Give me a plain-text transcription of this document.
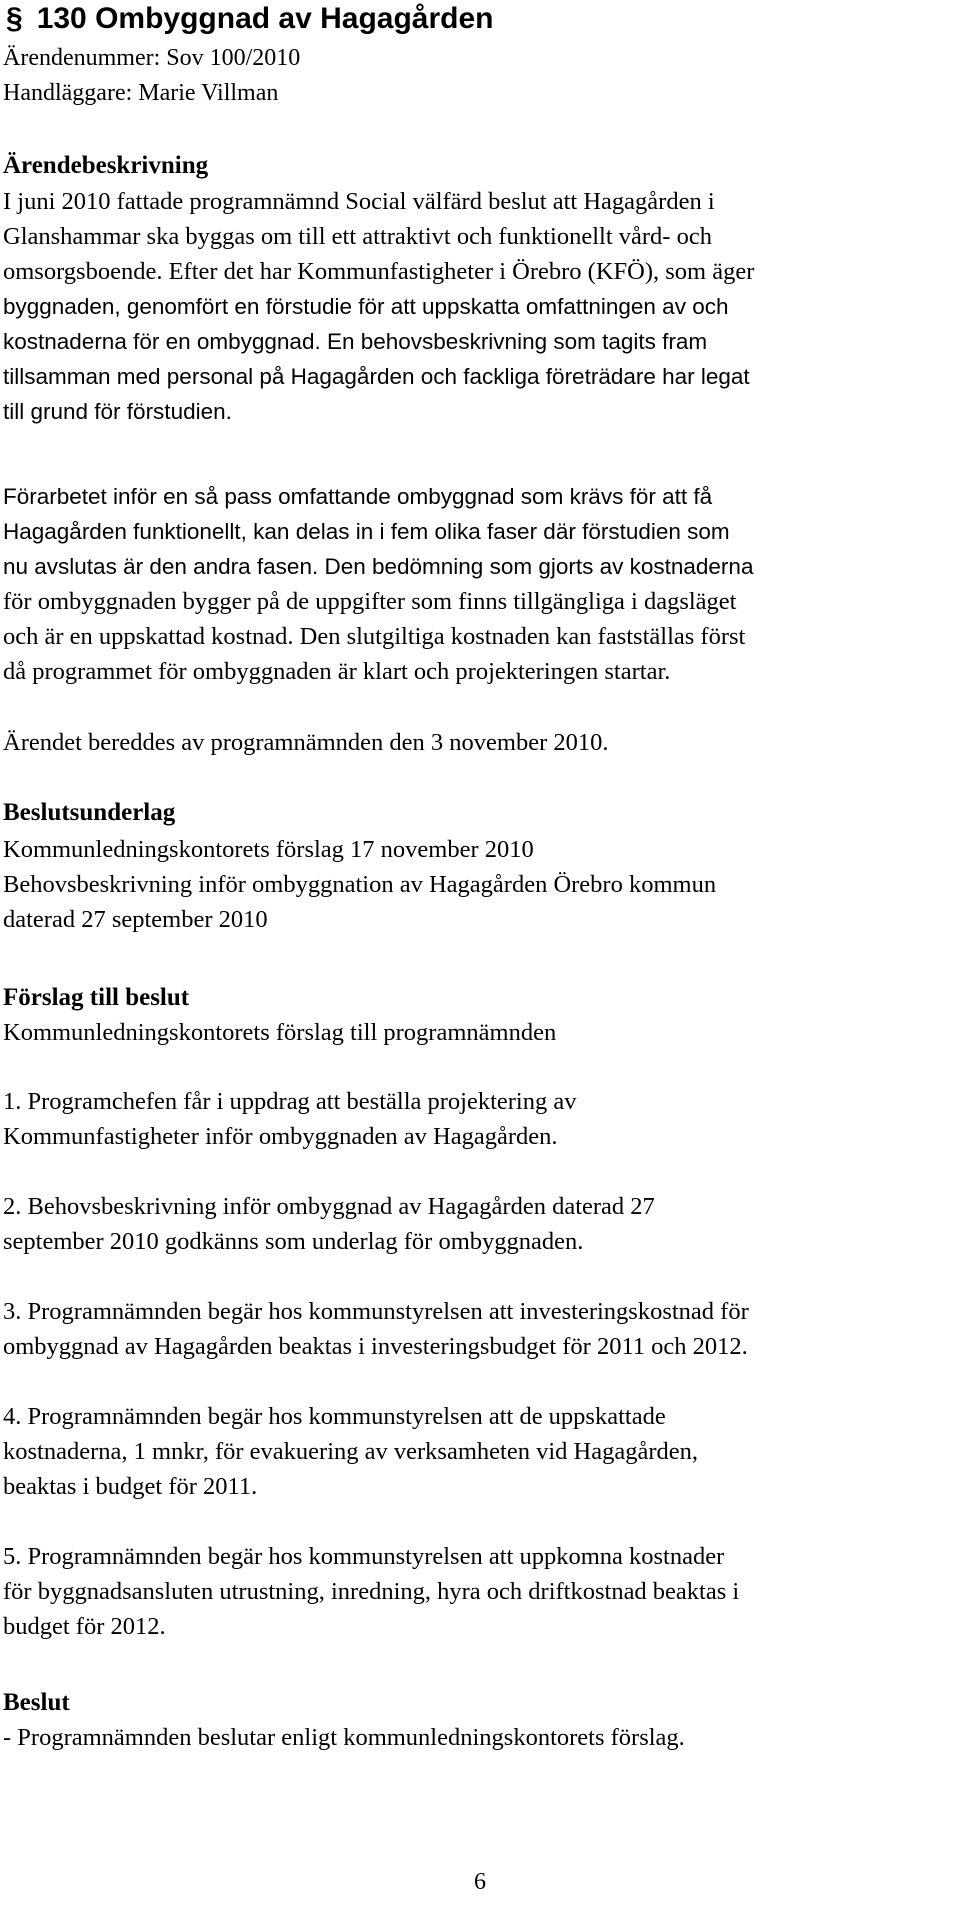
§ 130 Ombyggnad av Hagagården
Ärendenummer: Sov 100/2010
Handläggare: Marie Villman
Ärendebeskrivning
I juni 2010 fattade programnämnd Social välfärd beslut att Hagagården i
Glanshammar ska byggas om till ett attraktivt och funktionellt vård- och
omsorgsboende. Efter det har Kommunfastigheter i Örebro (KFÖ), som äger
byggnaden, genomfört en förstudie för att uppskatta omfattningen av och
kostnaderna för en ombyggnad. En behovsbeskrivning som tagits fram
tillsamman med personal på Hagagården och fackliga företrädare har legat
till grund för förstudien.
Förarbetet inför en så pass omfattande ombyggnad som krävs för att få
Hagagården funktionellt, kan delas in i fem olika faser där förstudien som
nu avslutas är den andra fasen. Den bedömning som gjorts av kostnaderna
för ombyggnaden bygger på de uppgifter som finns tillgängliga i dagsläget
och är en uppskattad kostnad. Den slutgiltiga kostnaden kan fastställas först
då programmet för ombyggnaden är klart och projekteringen startar.
Ärendet bereddes av programnämnden den 3 november 2010.
Beslutsunderlag
Kommunledningskontorets förslag 17 november 2010
Behovsbeskrivning inför ombyggnation av Hagagården Örebro kommun
daterad 27 september 2010
Förslag till beslut
Kommunledningskontorets förslag till programnämnden
1. Programchefen får i uppdrag att beställa projektering av
Kommunfastigheter inför ombyggnaden av Hagagården.
2. Behovsbeskrivning inför ombyggnad av Hagagården daterad 27
september 2010 godkänns som underlag för ombyggnaden.
3. Programnämnden begär hos kommunstyrelsen att investeringskostnad för
ombyggnad av Hagagården beaktas i investeringsbudget för 2011 och 2012.
4. Programnämnden begär hos kommunstyrelsen att de uppskattade
kostnaderna, 1 mnkr, för evakuering av verksamheten vid Hagagården,
beaktas i budget för 2011.
5. Programnämnden begär hos kommunstyrelsen att uppkomna kostnader
för byggnadsansluten utrustning, inredning, hyra och driftkostnad beaktas i
budget för 2012.
Beslut
- Programnämnden beslutar enligt kommunledningskontorets förslag.
6
